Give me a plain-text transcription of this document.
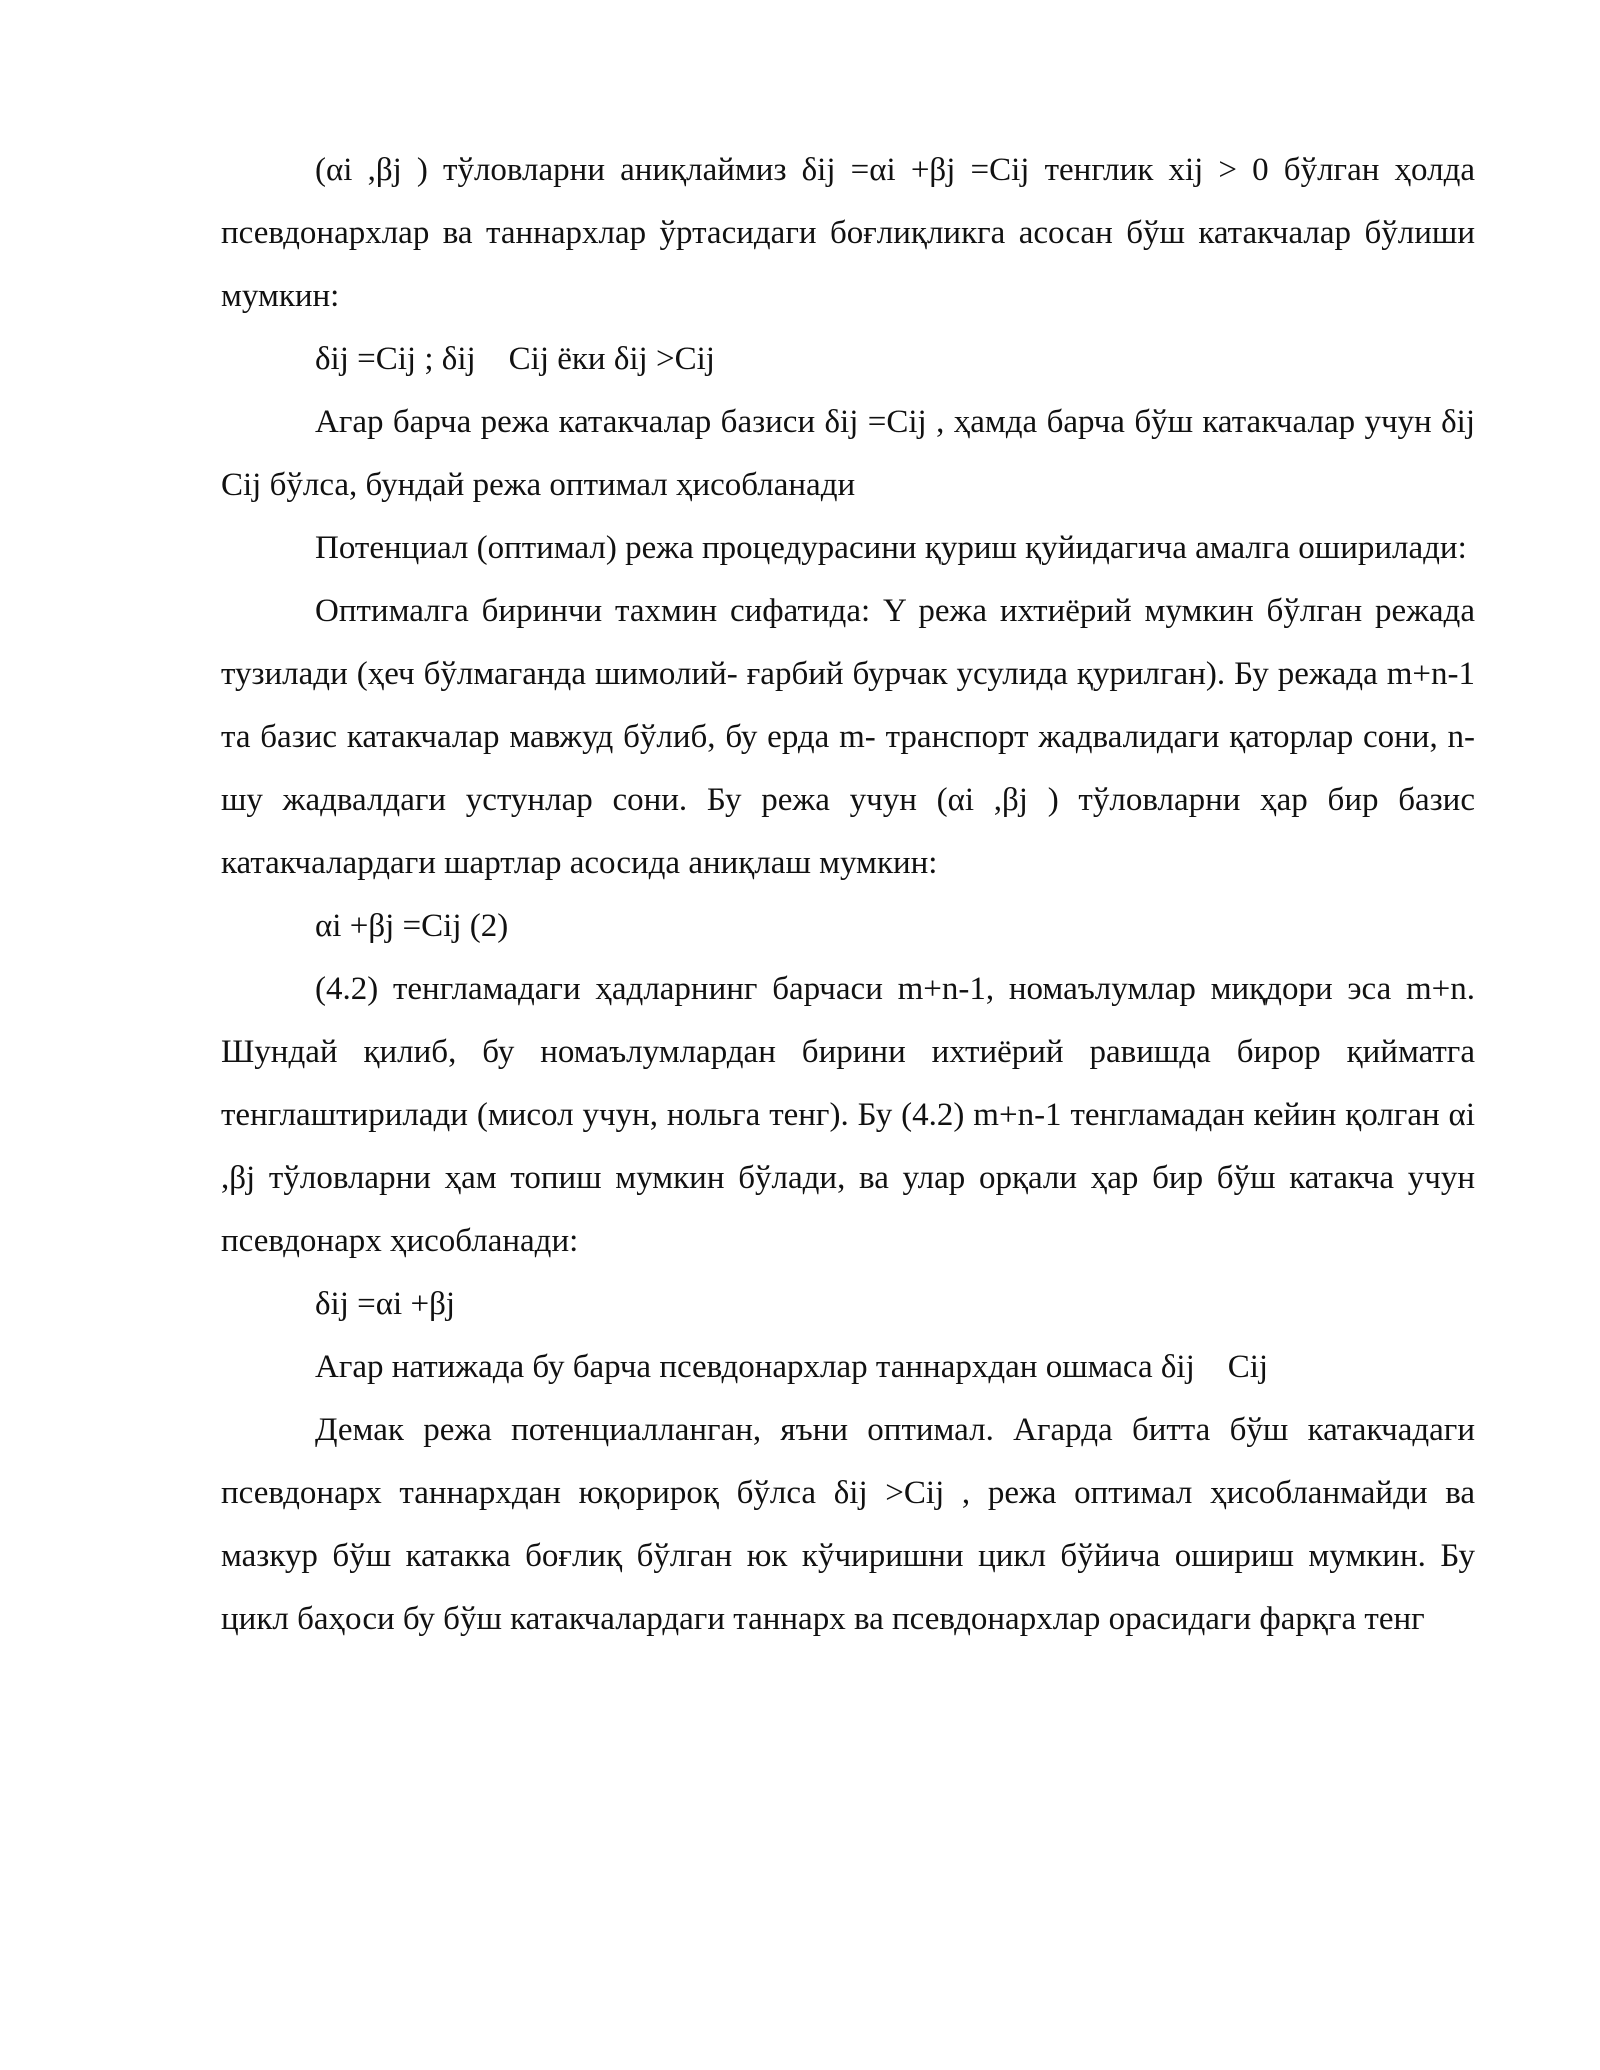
(αi ,βj ) тўловларни аниқлаймиз δij =αi +βj =Cij тенглик xij > 0 бўлган ҳолда псевдонархлар ва таннархлар ўртасидаги боғлиқликга асосан бўш катакчалар бўлиши мумкин:

δij =Cij ; δij    Cij ёки δij >Cij

Агар барча режа катакчалар базиси δij =Cij , ҳамда барча бўш катакчалар учун δij    Cij бўлса, бундай режа оптимал ҳисобланади

Потенциал (оптимал) режа процедурасини қуриш қуйидагича амалга оширилади:

Оптималга биринчи тахмин сифатида: Y режа ихтиёрий мумкин бўлган режада тузилади (ҳеч бўлмаганда шимолий- ғарбий бурчак усулида қурилган). Бу режада m+n-1 та базис катакчалар мавжуд бўлиб, бу ерда m- транспорт жадвалидаги қаторлар сони, n- шу жадвалдаги устунлар сони. Бу режа учун (αi ,βj ) тўловларни ҳар бир базис катакчалардаги шартлар асосида аниқлаш мумкин:

αi +βj =Cij (2)

(4.2) тенгламадаги ҳадларнинг барчаси m+n-1, номаълумлар миқдори эса m+n. Шундай қилиб, бу номаълумлардан бирини ихтиёрий равишда бирор қийматга тенглаштирилади (мисол учун, нольга тенг). Бу (4.2) m+n-1 тенгламадан кейин қолган αi ,βj тўловларни ҳам топиш мумкин бўлади, ва улар орқали ҳар бир бўш катакча учун псевдонарх ҳисобланади:

δij =αi +βj

Агар натижада бу барча псевдонархлар таннархдан ошмаса δij    Cij

Демак режа потенциалланган, яъни оптимал. Агарда битта бўш катакчадаги псевдонарх таннархдан юқорироқ бўлса δij >Cij , режа оптимал ҳисобланмайди ва мазкур бўш катакка боғлиқ бўлган юк кўчиришни цикл бўйича ошириш мумкин. Бу цикл баҳоси бу бўш катакчалардаги таннарх ва псевдонархлар орасидаги фарқга тенг
